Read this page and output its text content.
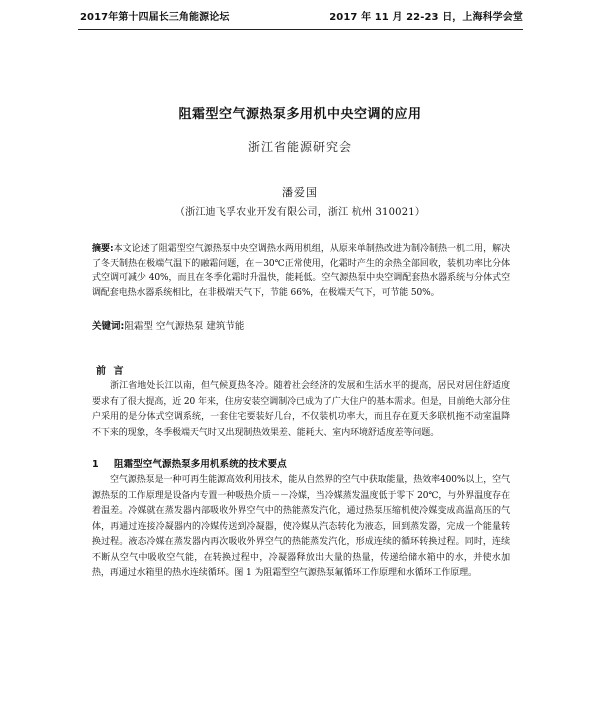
2017年第十四届长三角能源论坛	2017 年 11 月 22-23 日，上海科学会堂
阻霜型空气源热泵多用机中央空调的应用
浙江省能源研究会
潘爱国
（浙江迪飞孚农业开发有限公司，浙江 杭州 310021）
摘要:本文论述了阻霜型空气源热泵中央空调热水两用机组，从原来单制热改进为制冷制热一机二用，解决了冬天制热在极端气温下的融霜问题，在－30℃正常使用，化霜时产生的余热全部回收，装机功率比分体式空调可减少 40%，而且在冬季化霜时升温快，能耗低。空气源热泵中央空调配套热水器系统与分体式空调配套电热水器系统相比，在非极端天气下，节能 66%，在极端天气下，可节能 50%。
关键词:阻霜型 空气源热泵 建筑节能
前 言
浙江省地处长江以南，但气候夏热冬冷。随着社会经济的发展和生活水平的提高，居民对居住舒适度要求有了很大提高，近 20 年来，住房安装空调制冷已成为了广大住户的基本需求。但是，目前绝大部分住户采用的是分体式空调系统，一套住宅要装好几台，不仅装机功率大，而且存在夏天多联机拖不动室温降不下来的现象，冬季极端天气时又出现制热效果差、能耗大、室内环境舒适度差等问题。
1 阻霜型空气源热泵多用机系统的技术要点
空气源热泵是一种可再生能源高效利用技术，能从自然界的空气中获取能量，热效率400%以上，空气源热泵的工作原理是设备内专置一种吸热介质－－冷媒，当冷媒蒸发温度低于零下 20℃，与外界温度存在着温差。冷媒就在蒸发器内部吸收外界空气中的热能蒸发汽化，通过热泵压缩机使冷媒变成高温高压的气体，再通过连接冷凝器内的冷媒传送到冷凝器，使冷媒从汽态转化为液态，回到蒸发器，完成一个能量转换过程。液态冷媒在蒸发器内再次吸收外界空气的热能蒸发汽化，形成连续的循环转换过程。同时，连续不断从空气中吸收空气能，在转换过程中，冷凝器释放出大量的热量，传递给储水箱中的水，并使水加热，再通过水箱里的热水连续循环。图 1 为阻霜型空气源热泵氟循环工作原理和水循环工作原理。
